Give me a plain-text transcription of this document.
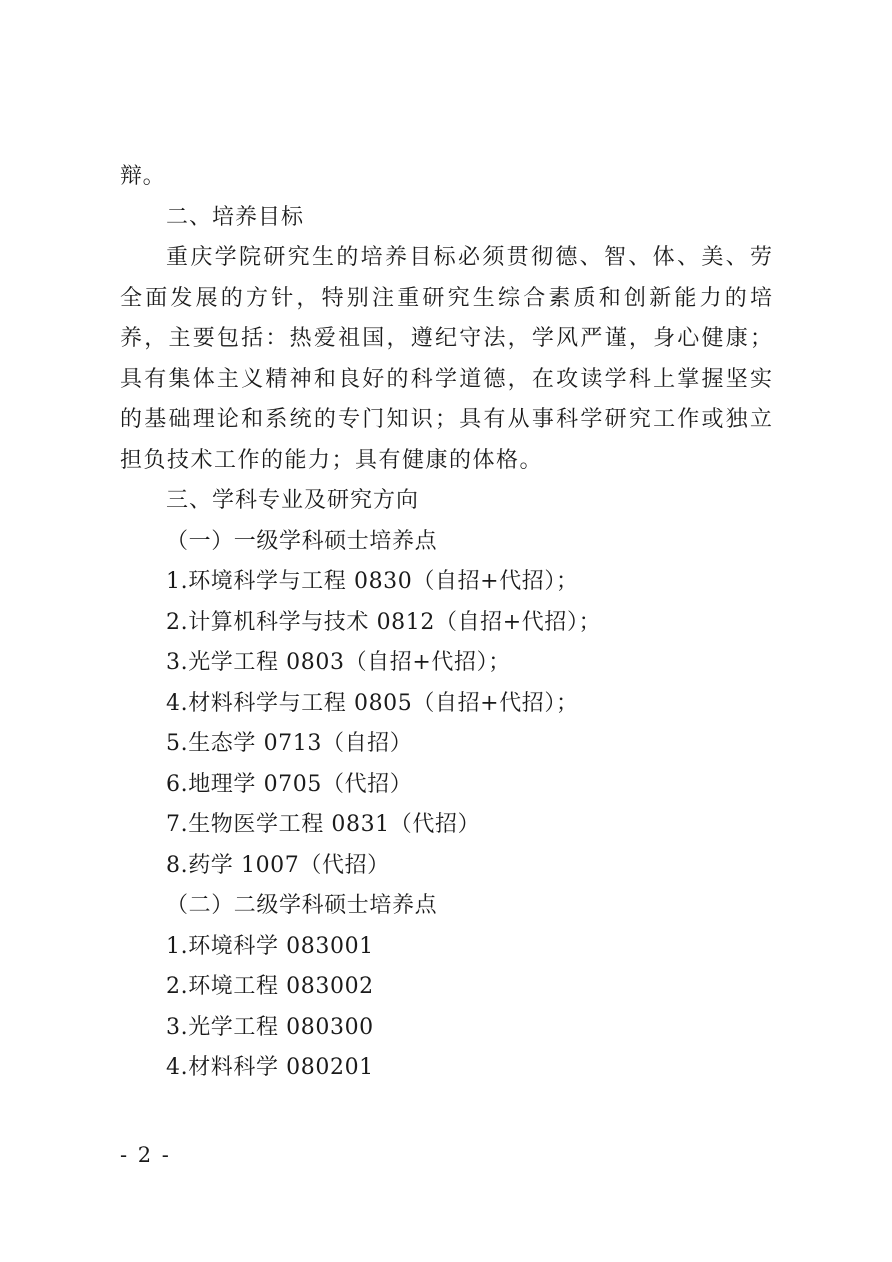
辩。
二、培养目标
重庆学院研究生的培养目标必须贯彻德、智、体、美、劳
全面发展的方针，特别注重研究生综合素质和创新能力的培
养，主要包括：热爱祖国，遵纪守法，学风严谨，身心健康；
具有集体主义精神和良好的科学道德，在攻读学科上掌握坚实
的基础理论和系统的专门知识；具有从事科学研究工作或独立
担负技术工作的能力；具有健康的体格。
三、学科专业及研究方向
（一）一级学科硕士培养点
1.环境科学与工程 0830（自招+代招）；
2.计算机科学与技术 0812（自招+代招）；
3.光学工程 0803（自招+代招）；
4.材料科学与工程 0805（自招+代招）；
5.生态学 0713（自招）
6.地理学 0705（代招）
7.生物医学工程 0831（代招）
8.药学 1007（代招）
（二）二级学科硕士培养点
1.环境科学 083001
2.环境工程 083002
3.光学工程 080300
4.材料科学 080201
- 2 -
